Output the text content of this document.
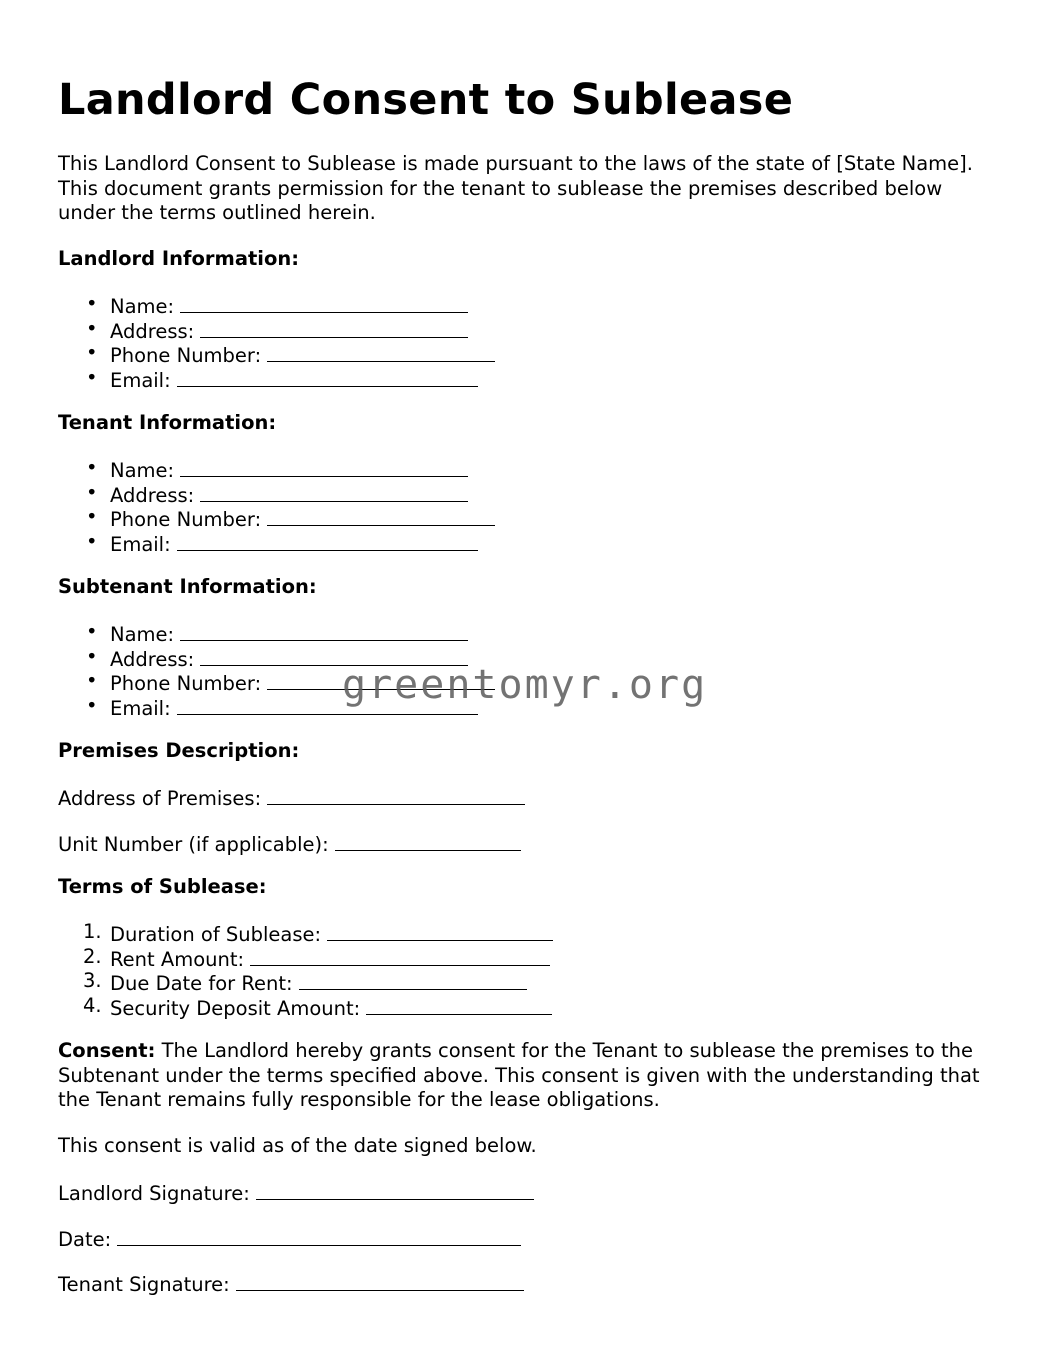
Landlord Consent to Sublease

This Landlord Consent to Sublease is made pursuant to the laws of the state of [State Name]. This document grants permission for the tenant to sublease the premises described below under the terms outlined herein.

Landlord Information:

• Name:
• Address:
• Phone Number:
• Email:

Tenant Information:

• Name:
• Address:
• Phone Number:
• Email:

Subtenant Information:

• Name:
• Address:
• Phone Number:
• Email:

Premises Description:

Address of Premises:
Unit Number (if applicable):

Terms of Sublease:

1. Duration of Sublease:
2. Rent Amount:
3. Due Date for Rent:
4. Security Deposit Amount:

Consent: The Landlord hereby grants consent for the Tenant to sublease the premises to the Subtenant under the terms specified above. This consent is given with the understanding that the Tenant remains fully responsible for the lease obligations.

This consent is valid as of the date signed below.

Landlord Signature:
Date:
Tenant Signature:
greentomyr.org
